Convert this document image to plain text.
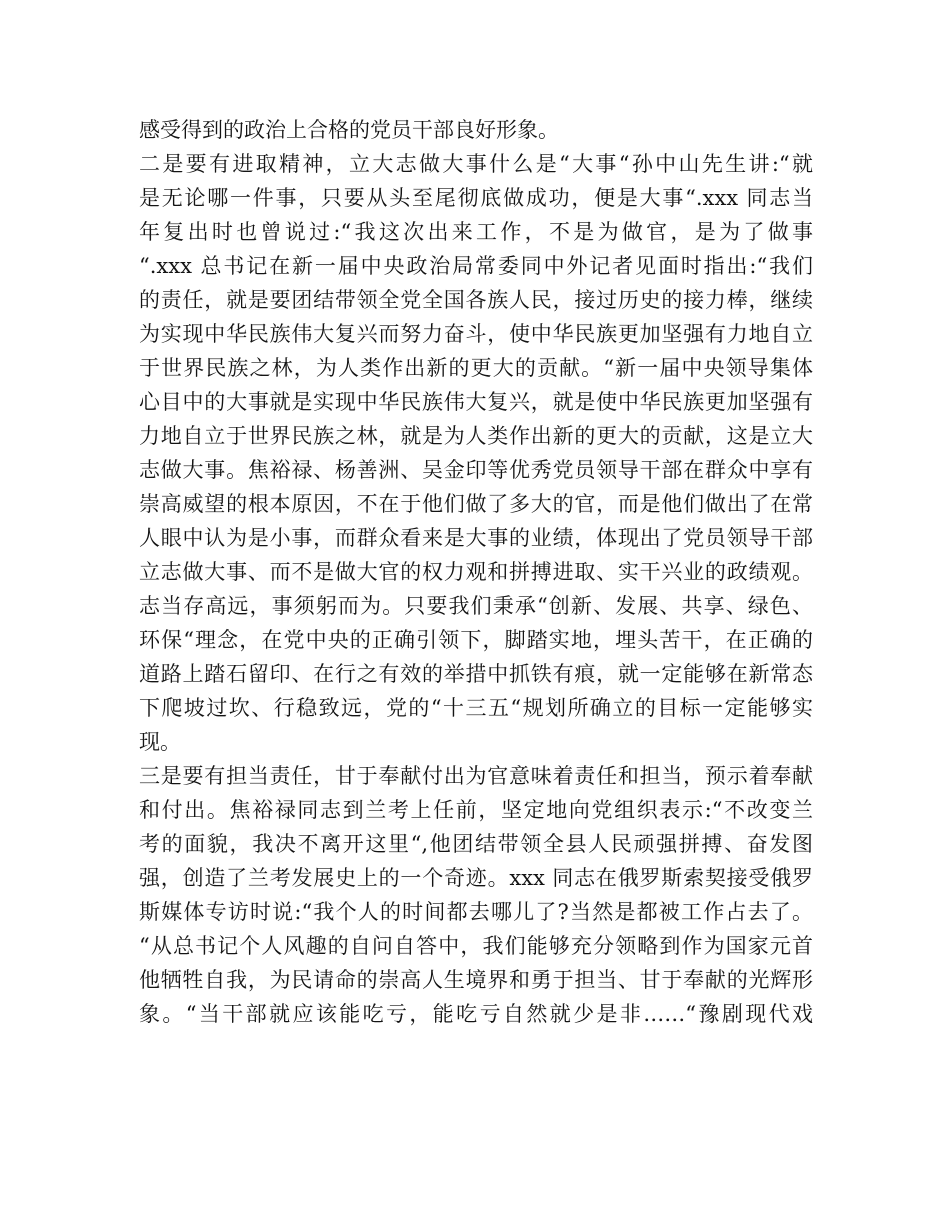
感受得到的政治上合格的党员干部良好形象。
二是要有进取精神，立大志做大事什么是“大事“孙中山先生讲:“就
是无论哪一件事，只要从头至尾彻底做成功，便是大事“.xxx 同志当
年复出时也曾说过:“我这次出来工作，不是为做官，是为了做事
“.xxx 总书记在新一届中央政治局常委同中外记者见面时指出:“我们
的责任，就是要团结带领全党全国各族人民，接过历史的接力棒，继续
为实现中华民族伟大复兴而努力奋斗，使中华民族更加坚强有力地自立
于世界民族之林，为人类作出新的更大的贡献。“新一届中央领导集体
心目中的大事就是实现中华民族伟大复兴，就是使中华民族更加坚强有
力地自立于世界民族之林，就是为人类作出新的更大的贡献，这是立大
志做大事。焦裕禄、杨善洲、吴金印等优秀党员领导干部在群众中享有
崇高威望的根本原因，不在于他们做了多大的官，而是他们做出了在常
人眼中认为是小事，而群众看来是大事的业绩，体现出了党员领导干部
立志做大事、而不是做大官的权力观和拼搏进取、实干兴业的政绩观。
志当存高远，事须躬而为。只要我们秉承“创新、发展、共享、绿色、
环保“理念，在党中央的正确引领下，脚踏实地，埋头苦干，在正确的
道路上踏石留印、在行之有效的举措中抓铁有痕，就一定能够在新常态
下爬坡过坎、行稳致远，党的“十三五“规划所确立的目标一定能够实
现。
三是要有担当责任，甘于奉献付出为官意味着责任和担当，预示着奉献
和付出。焦裕禄同志到兰考上任前，坚定地向党组织表示:“不改变兰
考的面貌，我决不离开这里“,他团结带领全县人民顽强拼搏、奋发图
强，创造了兰考发展史上的一个奇迹。xxx 同志在俄罗斯索契接受俄罗
斯媒体专访时说:“我个人的时间都去哪儿了?当然是都被工作占去了。
“从总书记个人风趣的自问自答中，我们能够充分领略到作为国家元首
他牺牲自我，为民请命的崇高人生境界和勇于担当、甘于奉献的光辉形
象。“当干部就应该能吃亏，能吃亏自然就少是非……“豫剧现代戏
